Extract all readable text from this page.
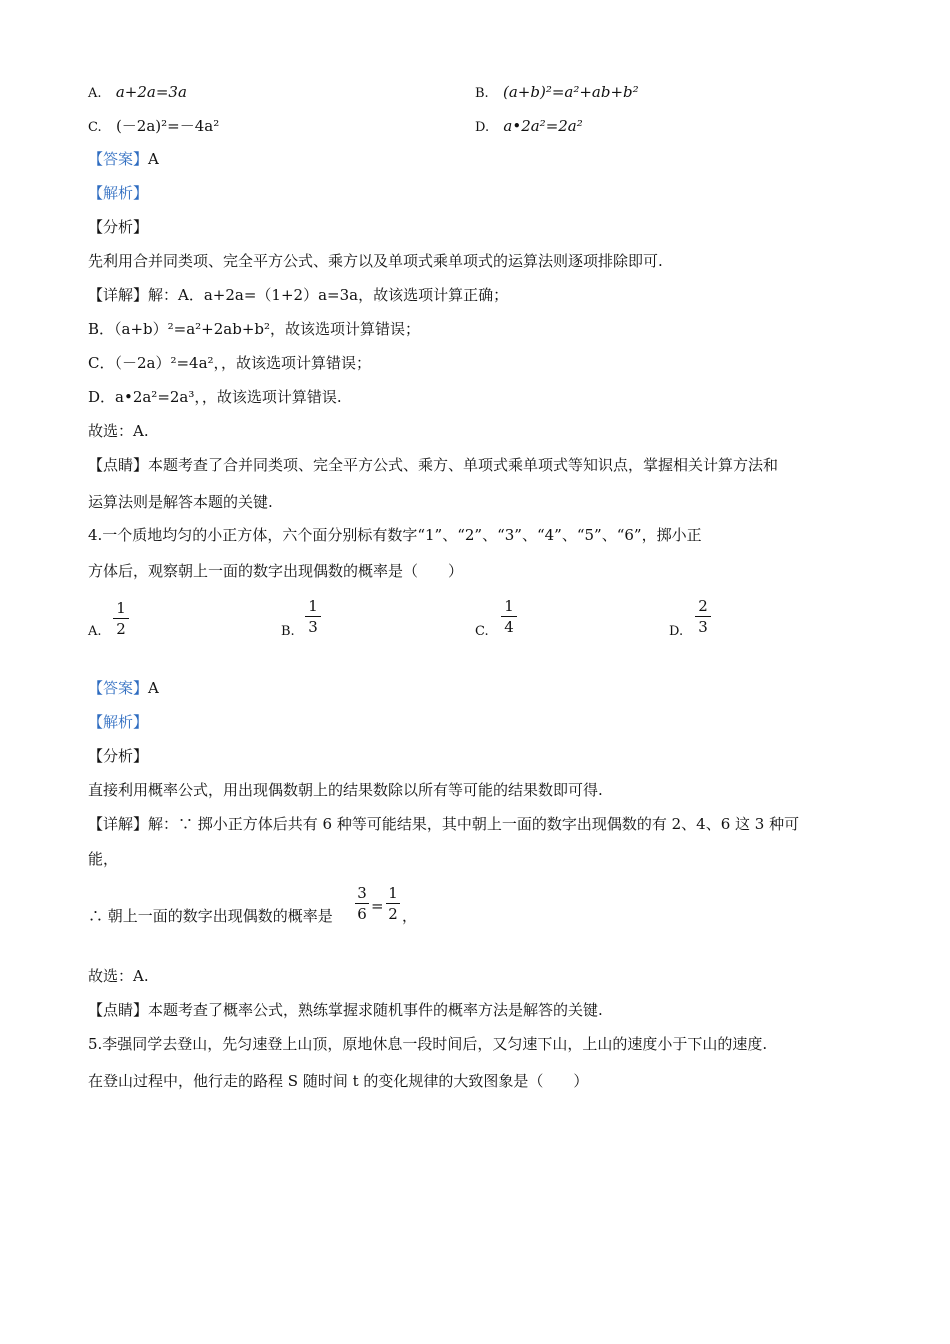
A. a+2a=3a	B. (a+b)²=a²+ab+b²
C. (－2a)²=－4a²	D. a•2a²=2a²
【答案】A
【解析】
【分析】
先利用合并同类项、完全平方公式、乘方以及单项式乘单项式的运算法则逐项排除即可.
【详解】解：A．a+2a=（1+2）a=3a，故该选项计算正确；
B．（a+b）²=a²+2ab+b²，故该选项计算错误；
C．（－2a）²=4a²，，故该选项计算错误；
D．a•2a²=2a³，，故该选项计算错误.
故选：A.
【点睛】本题考查了合并同类项、完全平方公式、乘方、单项式乘单项式等知识点，掌握相关计算方法和
运算法则是解答本题的关键.
4.一个质地均匀的小正方体，六个面分别标有数字“1”、“2”、“3”、“4”、“5”、“6”，掷小正
方体后，观察朝上一面的数字出现偶数的概率是（　　）
A.
1
2	B.
1
3	C.
1
4	D.
2
3
【答案】A
【解析】
【分析】
直接利用概率公式，用出现偶数朝上的结果数除以所有等可能的结果数即可得.
【详解】解：∵ 掷小正方体后共有 6 种等可能结果，其中朝上一面的数字出现偶数的有 2、4、6 这 3 种可
能，
∴ 朝上一面的数字出现偶数的概率是
3
6 =
1
2 ，
故选：A.
【点睛】本题考查了概率公式，熟练掌握求随机事件的概率方法是解答的关键.
5.李强同学去登山，先匀速登上山顶，原地休息一段时间后，又匀速下山，上山的速度小于下山的速度.
在登山过程中，他行走的路程 S 随时间 t 的变化规律的大致图象是（　　）
